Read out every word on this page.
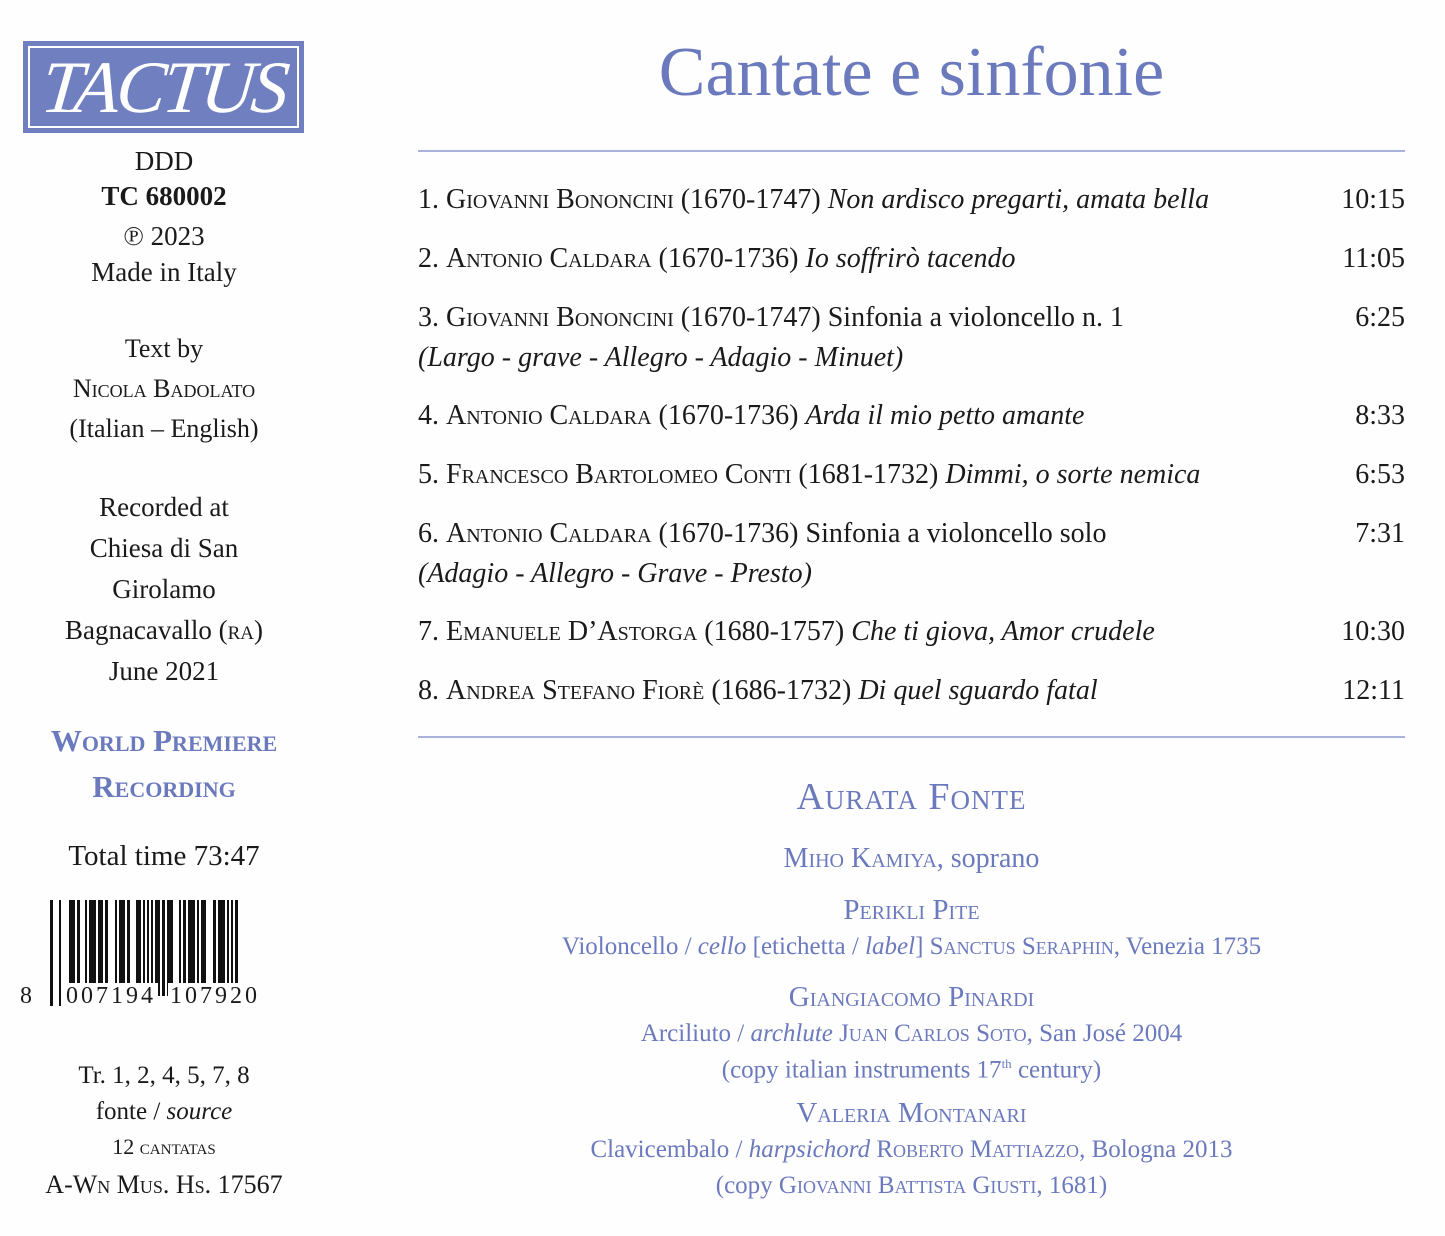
TACTUS
DDD
TC 680002
℗ 2023
Made in Italy
Text by
Nicola Badolato
(Italian – English)
Recorded at
Chiesa di San
Girolamo
Bagnacavallo (ra)
June 2021
World Premiere
Recording
Total time 73:47
8 007194 107920
Tr. 1, 2, 4, 5, 7, 8
fonte / source
12 cantatas
A-Wn Mus. Hs. 17567
Cantate e sinfonie
1. Giovanni Bononcini (1670-1747) Non ardisco pregarti, amata bella	10:15
2. Antonio Caldara (1670-1736) Io soffrirò tacendo	11:05
3. Giovanni Bononcini (1670-1747) Sinfonia a violoncello n. 1	6:25
(Largo - grave - Allegro - Adagio - Minuet)
4. Antonio Caldara (1670-1736) Arda il mio petto amante	8:33
5. Francesco Bartolomeo Conti (1681-1732) Dimmi, o sorte nemica	6:53
6. Antonio Caldara (1670-1736) Sinfonia a violoncello solo	7:31
(Adagio - Allegro - Grave - Presto)
7. Emanuele D’Astorga (1680-1757) Che ti giova, Amor crudele	10:30
8. Andrea Stefano Fiorè (1686-1732) Di quel sguardo fatal	12:11
Aurata Fonte
Miho Kamiya, soprano
Perikli Pite
Violoncello / cello [etichetta / label] Sanctus Seraphin, Venezia 1735
Giangiacomo Pinardi
Arciliuto / archlute Juan Carlos Soto, San José 2004
(copy italian instruments 17th century)
Valeria Montanari
Clavicembalo / harpsichord Roberto Mattiazzo, Bologna 2013
(copy Giovanni Battista Giusti, 1681)
